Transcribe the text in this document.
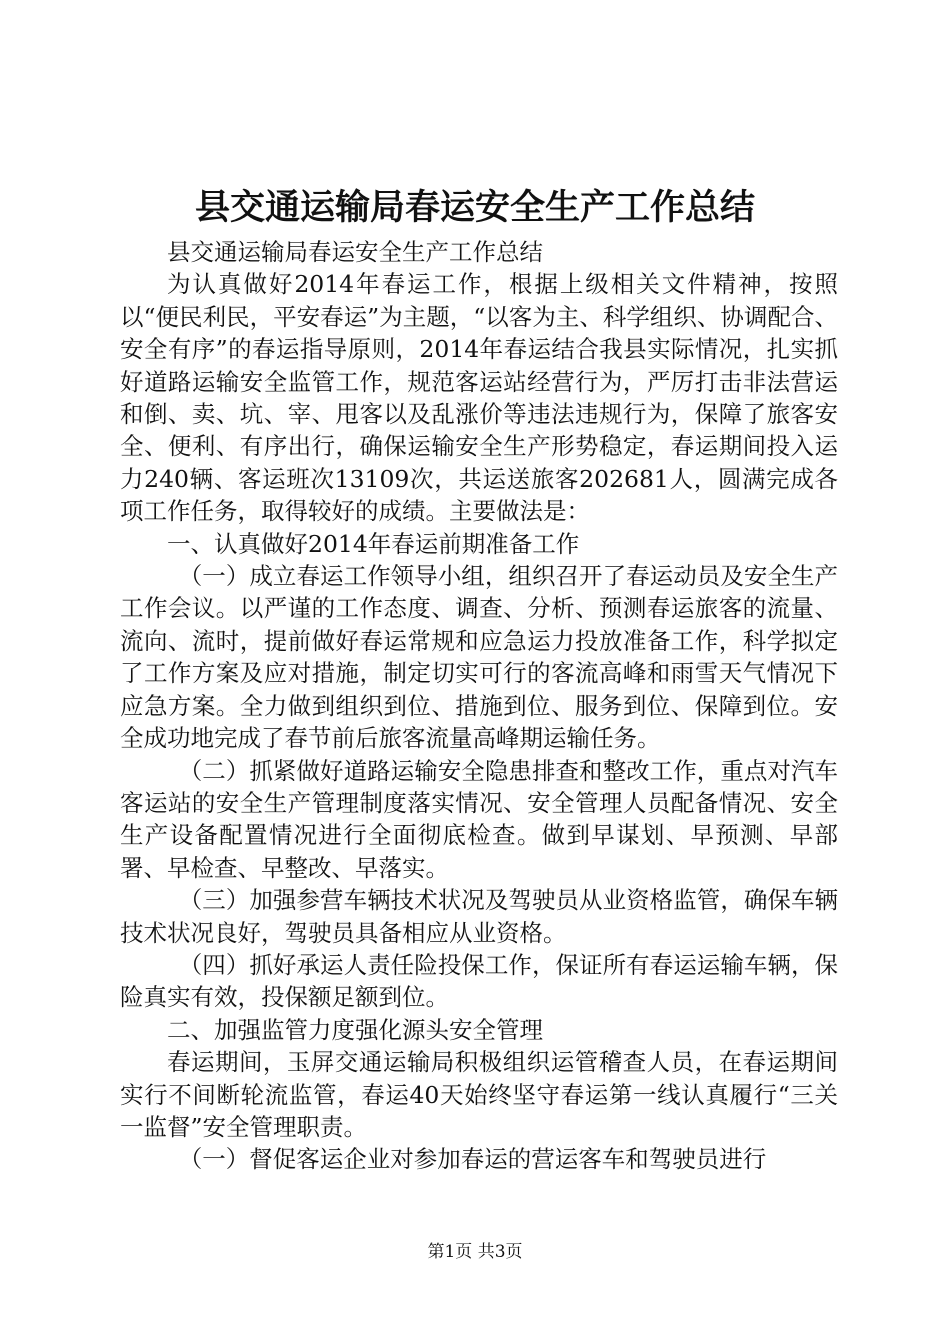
县交通运输局春运安全生产工作总结

县交通运输局春运安全生产工作总结

为认真做好2014年春运工作，根据上级相关文件精神，按照以“便民利民，平安春运”为主题，“以客为主、科学组织、协调配合、安全有序”的春运指导原则，2014年春运结合我县实际情况，扎实抓好道路运输安全监管工作，规范客运站经营行为，严厉打击非法营运和倒、卖、坑、宰、甩客以及乱涨价等违法违规行为，保障了旅客安全、便利、有序出行，确保运输安全生产形势稳定，春运期间投入运力240辆、客运班次13109次，共运送旅客202681人，圆满完成各项工作任务，取得较好的成绩。主要做法是：

一、认真做好2014年春运前期准备工作

（一）成立春运工作领导小组，组织召开了春运动员及安全生产工作会议。以严谨的工作态度、调查、分析、预测春运旅客的流量、流向、流时，提前做好春运常规和应急运力投放准备工作，科学拟定了工作方案及应对措施，制定切实可行的客流高峰和雨雪天气情况下应急方案。全力做到组织到位、措施到位、服务到位、保障到位。安全成功地完成了春节前后旅客流量高峰期运输任务。

（二）抓紧做好道路运输安全隐患排查和整改工作，重点对汽车客运站的安全生产管理制度落实情况、安全管理人员配备情况、安全生产设备配置情况进行全面彻底检查。做到早谋划、早预测、早部署、早检查、早整改、早落实。

（三）加强参营车辆技术状况及驾驶员从业资格监管，确保车辆技术状况良好，驾驶员具备相应从业资格。

（四）抓好承运人责任险投保工作，保证所有春运运输车辆，保险真实有效，投保额足额到位。

二、加强监管力度强化源头安全管理

春运期间，玉屏交通运输局积极组织运管稽查人员，在春运期间实行不间断轮流监管，春运40天始终坚守春运第一线认真履行“三关一监督”安全管理职责。

（一）督促客运企业对参加春运的营运客车和驾驶员进行

第1页 共3页
